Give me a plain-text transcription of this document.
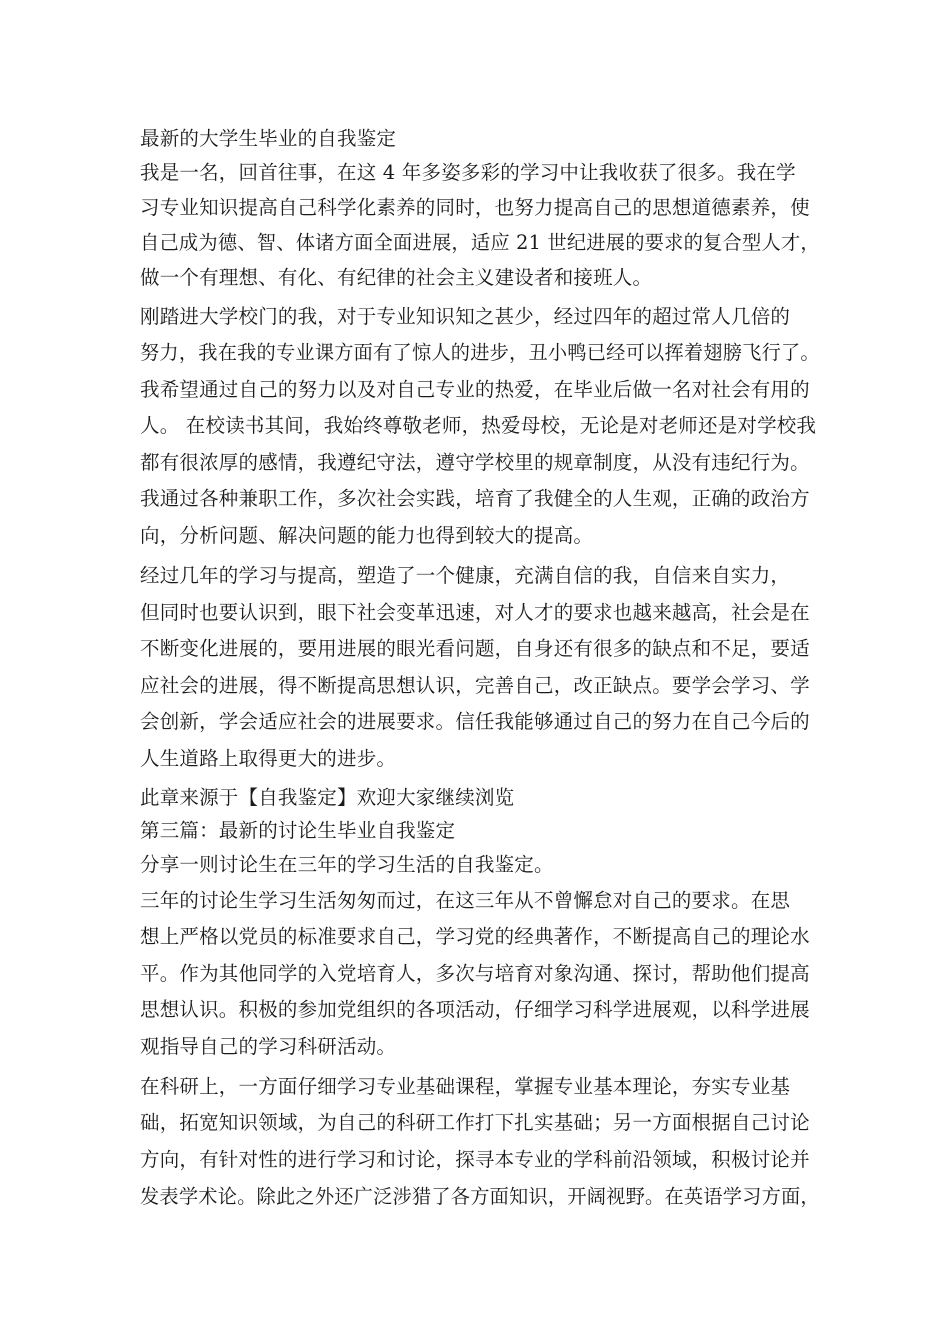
最新的大学生毕业的自我鉴定
我是一名，回首往事，在这 4 年多姿多彩的学习中让我收获了很多。我在学
习专业知识提高自己科学化素养的同时，也努力提高自己的思想道德素养，使
自己成为德、智、体诸方面全面进展，适应 21 世纪进展的要求的复合型人才，
做一个有理想、有化、有纪律的社会主义建设者和接班人。
刚踏进大学校门的我，对于专业知识知之甚少，经过四年的超过常人几倍的
努力，我在我的专业课方面有了惊人的进步，丑小鸭已经可以挥着翅膀飞行了。
我希望通过自己的努力以及对自己专业的热爱，在毕业后做一名对社会有用的
人。 在校读书其间，我始终尊敬老师，热爱母校，无论是对老师还是对学校我
都有很浓厚的感情，我遵纪守法，遵守学校里的规章制度，从没有违纪行为。
我通过各种兼职工作，多次社会实践，培育了我健全的人生观，正确的政治方
向，分析问题、解决问题的能力也得到较大的提高。
经过几年的学习与提高，塑造了一个健康，充满自信的我，自信来自实力，
但同时也要认识到，眼下社会变革迅速，对人才的要求也越来越高，社会是在
不断变化进展的，要用进展的眼光看问题，自身还有很多的缺点和不足，要适
应社会的进展，得不断提高思想认识，完善自己，改正缺点。要学会学习、学
会创新，学会适应社会的进展要求。信任我能够通过自己的努力在自己今后的
人生道路上取得更大的进步。
此章来源于【自我鉴定】欢迎大家继续浏览
第三篇：最新的讨论生毕业自我鉴定
分享一则讨论生在三年的学习生活的自我鉴定。
三年的讨论生学习生活匆匆而过，在这三年从不曾懈怠对自己的要求。在思
想上严格以党员的标准要求自己，学习党的经典著作，不断提高自己的理论水
平。作为其他同学的入党培育人，多次与培育对象沟通、探讨，帮助他们提高
思想认识。积极的参加党组织的各项活动，仔细学习科学进展观，以科学进展
观指导自己的学习科研活动。
在科研上，一方面仔细学习专业基础课程，掌握专业基本理论，夯实专业基
础，拓宽知识领域，为自己的科研工作打下扎实基础；另一方面根据自己讨论
方向，有针对性的进行学习和讨论，探寻本专业的学科前沿领域，积极讨论并
发表学术论。除此之外还广泛涉猎了各方面知识，开阔视野。在英语学习方面，
